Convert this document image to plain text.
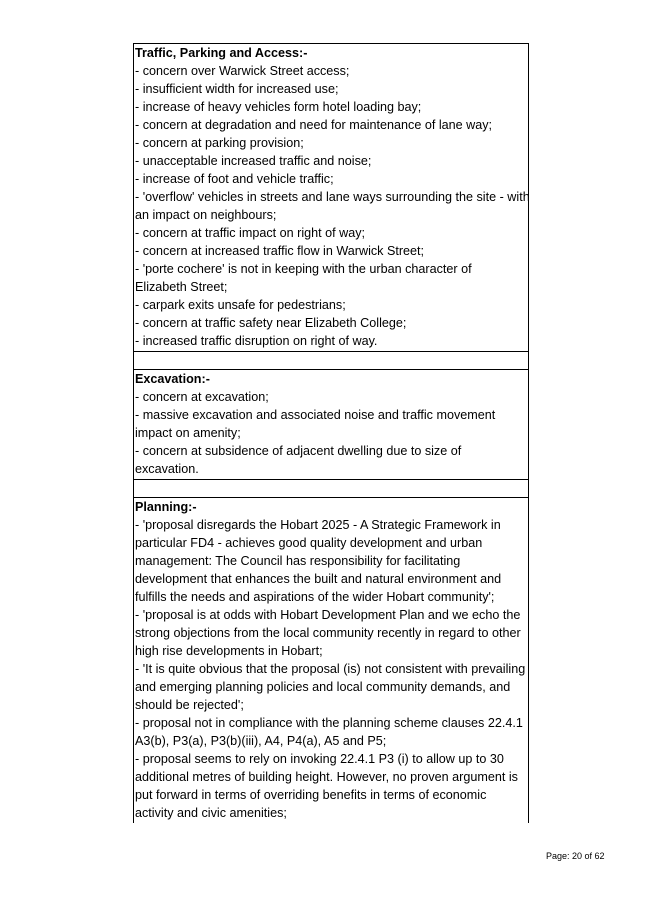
Traffic, Parking and Access:-

- concern over Warwick Street access;

- insufficient width for increased use;

- increase of heavy vehicles form hotel loading bay;

- concern at degradation and need for maintenance of lane way;

- concern at parking provision;

- unacceptable increased traffic and noise;

- increase of foot and vehicle traffic;

- 'overflow' vehicles in streets and lane ways surrounding the site - with

an impact on neighbours;

- concern at traffic impact on right of way;

- concern at increased traffic flow in Warwick Street;

- 'porte cochere' is not in keeping with the urban character of

Elizabeth Street;

- carpark exits unsafe for pedestrians;

- concern at traffic safety near Elizabeth College;

- increased traffic disruption on right of way.

Excavation:-

- concern at excavation;

- massive excavation and associated noise and traffic movement

impact on amenity;

- concern at subsidence of adjacent dwelling due to size of

excavation.

Planning:-

- 'proposal disregards the Hobart 2025 - A Strategic Framework in

particular FD4 - achieves good quality development and urban

management: The Council has responsibility for facilitating

development that enhances the built and natural environment and

fulfills the needs and aspirations of the wider Hobart community';

- 'proposal is at odds with Hobart Development Plan and we echo the

strong objections from the local community recently in regard to other

high rise developments in Hobart;

- 'It is quite obvious that the proposal (is) not consistent with prevailing

and emerging planning policies and local community demands, and

should be rejected';

- proposal not in compliance with the planning scheme clauses 22.4.1

A3(b), P3(a), P3(b)(iii), A4, P4(a), A5 and P5;

- proposal seems to rely on invoking 22.4.1 P3 (i) to allow up to 30

additional metres of building height. However, no proven argument is

put forward in terms of overriding benefits in terms of economic

activity and civic amenities;

Page: 20 of 62
